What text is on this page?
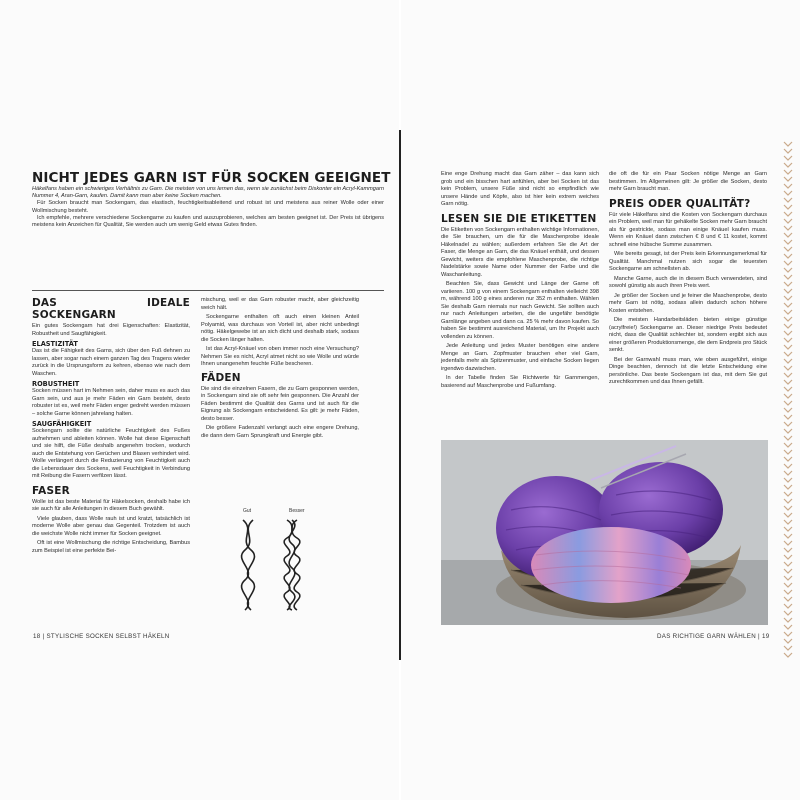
NICHT JEDES GARN IST FÜR SOCKEN GEEIGNET

Häkelfans haben ein schwieriges Verhältnis zu Garn. Die meisten von uns lernen das, wenn sie zunächst beim Diskonter ein Acryl-Kammgarn Nummer 4, Aran-Garn, kaufen. Damit kann man aber keine Socken machen.

Für Socken braucht man Sockengarn, das elastisch, feuchtigkeitsableitend und robust ist und meistens aus reiner Wolle oder einer Wollmischung besteht.

Ich empfehle, mehrere verschiedene Sockengarne zu kaufen und auszuprobieren, welches am besten geeignet ist. Der Preis ist übrigens meistens kein Anzeichen für Qualität, Sie werden auch um wenig Geld etwas Gutes finden.

DAS IDEALE SOCKENGARN

Ein gutes Sockengarn hat drei Eigenschaften: Elastizität, Robustheit und Saugfähigkeit.

ELASTIZITÄT

Das ist die Fähigkeit des Garns, sich über den Fuß dehnen zu lassen, aber sogar nach einem ganzen Tag des Tragens wieder zurück in die Ursprungsform zu kehren, ebenso wie nach dem Waschen.

ROBUSTHEIT

Socken müssen hart im Nehmen sein, daher muss es auch das Garn sein, und aus je mehr Fäden ein Garn besteht, desto robuster ist es, weil mehr Fäden enger gedreht werden müssen – solche Garne können jahrelang halten.

SAUGFÄHIGKEIT

Sockengarn sollte die natürliche Feuchtigkeit des Fußes aufnehmen und ableiten können. Wolle hat diese Eigenschaft und sie hilft, die Füße deshalb angenehm trocken, wodurch auch die Entstehung von Gerüchen und Blasen verhindert wird. Wolle verlängert durch die Reduzierung von Feuchtigkeit auch die Lebensdauer des Sockens, weil Feuchtigkeit in Verbindung mit Reibung die Fasern verfilzen lässt.

FASER

Wolle ist das beste Material für Häkelsocken, deshalb habe ich sie auch für alle Anleitungen in diesem Buch gewählt.

Viele glauben, dass Wolle rauh ist und kratzt, tatsächlich ist moderne Wolle aber genau das Gegenteil. Trotzdem ist auch die weichste Wolle nicht immer für Socken geeignet.

Oft ist eine Wollmischung die richtige Entscheidung, Bambus zum Beispiel ist eine perfekte Bei-

mischung, weil er das Garn robuster macht, aber gleichzeitig weich hält.

Sockengarne enthalten oft auch einen kleinen Anteil Polyamid, was durchaus von Vorteil ist, aber nicht unbedingt nötig. Häkelgewebe ist an sich dicht und deshalb stark, sodass die Socken länger halten.

Ist das Acryl-Knäuel von oben immer noch eine Versuchung? Nehmen Sie es nicht, Acryl atmet nicht so wie Wolle und würde Ihnen unangenehm feuchte Füße bescheren.

FÄDEN

Die sind die einzelnen Fasern, die zu Garn gesponnen werden, in Sockengarn sind sie oft sehr fein gesponnen. Die Anzahl der Fäden bestimmt die Qualität des Garns und ist auch für die Eignung als Sockengarn entscheidend. Es gilt: je mehr Fäden, desto besser.

Die größere Fadenzahl verlangt auch eine engere Drehung, die dann dem Garn Sprungkraft und Energie gibt.

Gut	Besser
18 | STYLISCHE SOCKEN SELBST HÄKELN

Eine enge Drehung macht das Garn zäher – das kann sich grob und ein bisschen hart anfühlen, aber bei Socken ist das kein Problem, unsere Füße sind nicht so empfindlich wie unsere Hände und Köpfe, also ist hier kein extrem weiches Garn nötig.

LESEN SIE DIE ETIKETTEN

Die Etiketten von Sockengarn enthalten wichtige Informationen, die Sie brauchen, um die für die Maschenprobe ideale Häkelnadel zu wählen; außerdem erfahren Sie die Art der Faser, die Menge an Garn, die das Knäuel enthält, und dessen Gewicht, weiters die empfohlene Maschenprobe, die richtige Nadelstärke sowie Name oder Nummer der Farbe und die Waschanleitung.

Beachten Sie, dass Gewicht und Länge der Garne oft variieren. 100 g von einem Sockengarn enthalten vielleicht 398 m, während 100 g eines anderen nur 352 m enthalten. Wählen Sie deshalb Garn niemals nur nach Gewicht. Sie sollten auch nur nach Anleitungen arbeiten, die die ungefähr benötigte Garnlänge angeben und dann ca. 25 % mehr davon kaufen. So haben Sie bestimmt ausreichend Material, um Ihr Projekt auch vollenden zu können.

Jede Anleitung und jedes Muster benötigen eine andere Menge an Garn. Zopfmuster brauchen eher viel Garn, jedenfalls mehr als Spitzenmuster, und einfache Socken liegen irgendwo dazwischen.

In der Tabelle finden Sie Richtwerte für Garnmengen, basierend auf Maschenprobe und Fußumfang.

die oft die für ein Paar Socken nötige Menge an Garn bestimmen. Im Allgemeinen gilt: Je größer die Socken, desto mehr Garn braucht man.

PREIS ODER QUALITÄT?

Für viele Häkelfans sind die Kosten von Sockengarn durchaus ein Problem, weil man für gehäkelte Socken mehr Garn braucht als für gestrickte, sodass man einige Knäuel kaufen muss. Wenn ein Knäuel dann zwischen € 8 und € 11 kostet, kommt schnell eine hübsche Summe zusammen.

Wie bereits gesagt, ist der Preis kein Erkennungsmerkmal für Qualität. Manchmal nutzen sich sogar die teuersten Sockengarne am schnellsten ab.

Manche Garne, auch die in diesem Buch verwendeten, sind sowohl günstig als auch ihren Preis wert.

Je größer der Socken und je feiner die Maschenprobe, desto mehr Garn ist nötig, sodass allein dadurch schon höhere Kosten entstehen.

Die meisten Handarbeitsläden bieten einige günstige (acrylfreie!) Sockengarne an. Dieser niedrige Preis bedeutet nicht, dass die Qualität schlechter ist, sondern ergibt sich aus einer größeren Produktionsmenge, die dem Endpreis pro Stück senkt.

Bei der Garnwahl muss man, wie oben ausgeführt, einige Dinge beachten, dennoch ist die letzte Entscheidung eine persönliche. Das beste Sockengarn ist das, mit dem Sie gut zurechtkommen und das Ihnen gefällt.

DAS RICHTIGE GARN WÄHLEN | 19
